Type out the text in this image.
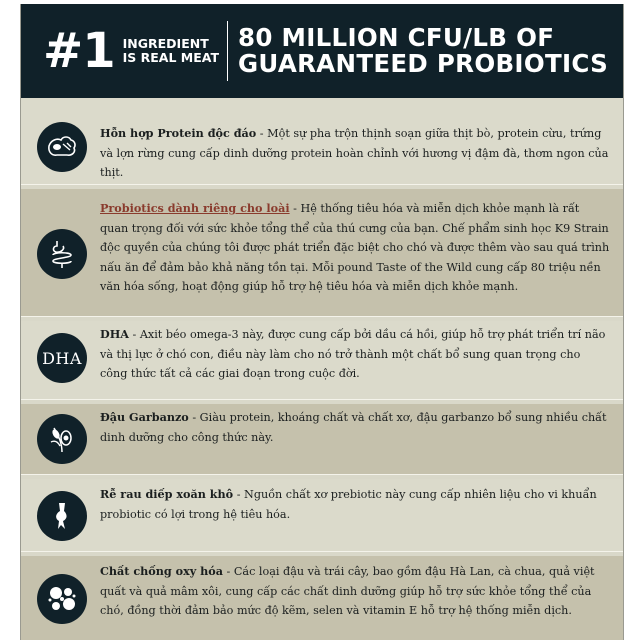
#1 INGREDIENT
IS REAL MEAT
80 MILLION CFU/LB OF
GUARANTEED PROBIOTICS
Hỗn hợp Protein độc đáo - Một sự pha trộn thịnh soạn giữa thịt bò, protein cừu, trứng và lợn rừng cung cấp dinh dưỡng protein hoàn chỉnh với hương vị đậm đà, thơm ngon của thịt.
Probiotics dành riêng cho loài - Hệ thống tiêu hóa và miễn dịch khỏe mạnh là rất quan trọng đối với sức khỏe tổng thể của thú cưng của bạn. Chế phẩm sinh học K9 Strain độc quyền của chúng tôi được phát triển đặc biệt cho chó và được thêm vào sau quá trình nấu ăn để đảm bảo khả năng tồn tại. Mỗi pound Taste of the Wild cung cấp 80 triệu nền văn hóa sống, hoạt động giúp hỗ trợ hệ tiêu hóa và miễn dịch khỏe mạnh.
DHA
DHA - Axit béo omega-3 này, được cung cấp bởi dầu cá hồi, giúp hỗ trợ phát triển trí não và thị lực ở chó con, điều này làm cho nó trở thành một chất bổ sung quan trọng cho công thức tất cả các giai đoạn trong cuộc đời.
Đậu Garbanzo - Giàu protein, khoáng chất và chất xơ, đậu garbanzo bổ sung nhiều chất dinh dưỡng cho công thức này.
Rễ rau diếp xoăn khô - Nguồn chất xơ prebiotic này cung cấp nhiên liệu cho vi khuẩn probiotic có lợi trong hệ tiêu hóa.
Chất chống oxy hóa - Các loại đậu và trái cây, bao gồm đậu Hà Lan, cà chua, quả việt quất và quả mâm xôi, cung cấp các chất dinh dưỡng giúp hỗ trợ sức khỏe tổng thể của chó, đồng thời đảm bảo mức độ kẽm, selen và vitamin E hỗ trợ hệ thống miễn dịch.
